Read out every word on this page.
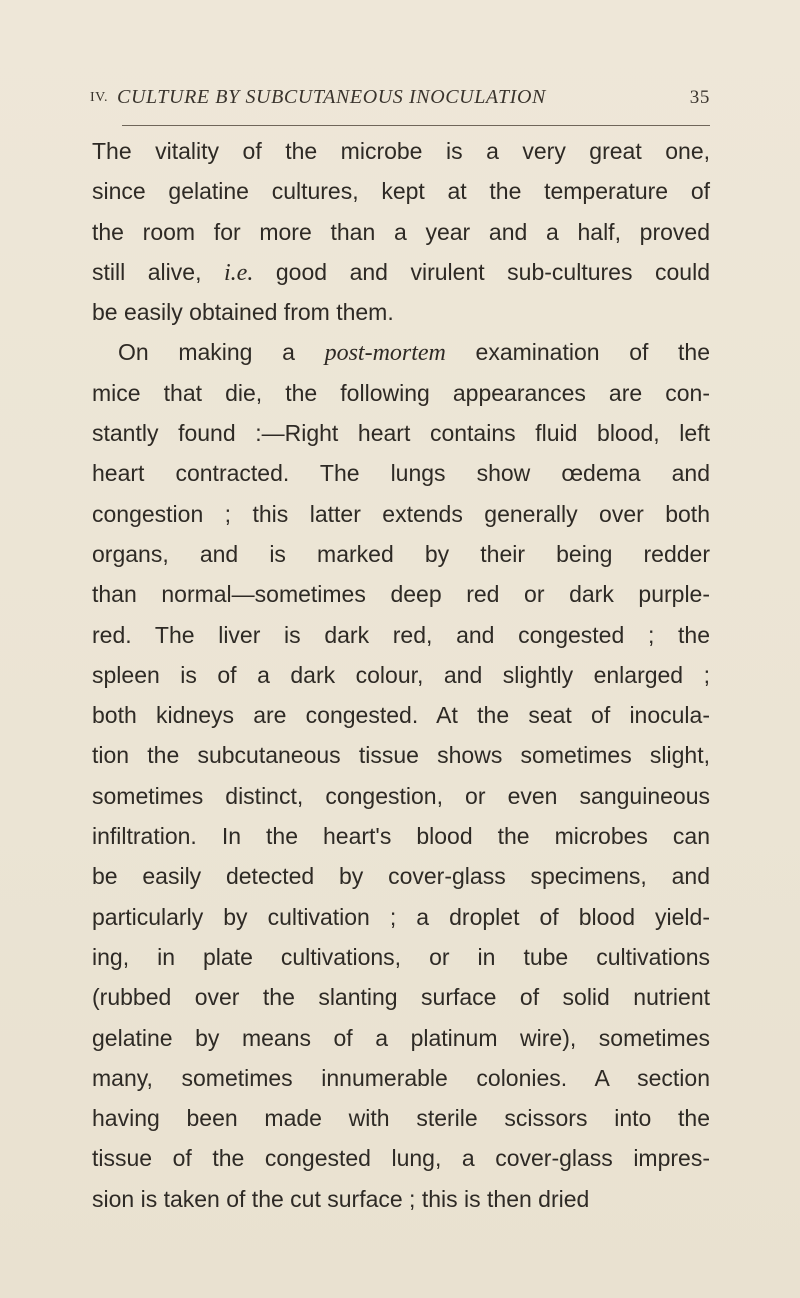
IV. CULTURE BY SUBCUTANEOUS INOCULATION	35
The vitality of the microbe is a very great one,
since gelatine cultures, kept at the temperature of
the room for more than a year and a half, proved
still alive, i.e. good and virulent sub-cultures could
be easily obtained from them.
On making a post-mortem examination of the
mice that die, the following appearances are con-
stantly found :—Right heart contains fluid blood, left
heart contracted. The lungs show œdema and
congestion ; this latter extends generally over both
organs, and is marked by their being redder
than normal—sometimes deep red or dark purple-
red. The liver is dark red, and congested ; the
spleen is of a dark colour, and slightly enlarged ;
both kidneys are congested. At the seat of inocula-
tion the subcutaneous tissue shows sometimes slight,
sometimes distinct, congestion, or even sanguineous
infiltration. In the heart's blood the microbes can
be easily detected by cover-glass specimens, and
particularly by cultivation ; a droplet of blood yield-
ing, in plate cultivations, or in tube cultivations
(rubbed over the slanting surface of solid nutrient
gelatine by means of a platinum wire), sometimes
many, sometimes innumerable colonies. A section
having been made with sterile scissors into the
tissue of the congested lung, a cover-glass impres-
sion is taken of the cut surface ; this is then dried
